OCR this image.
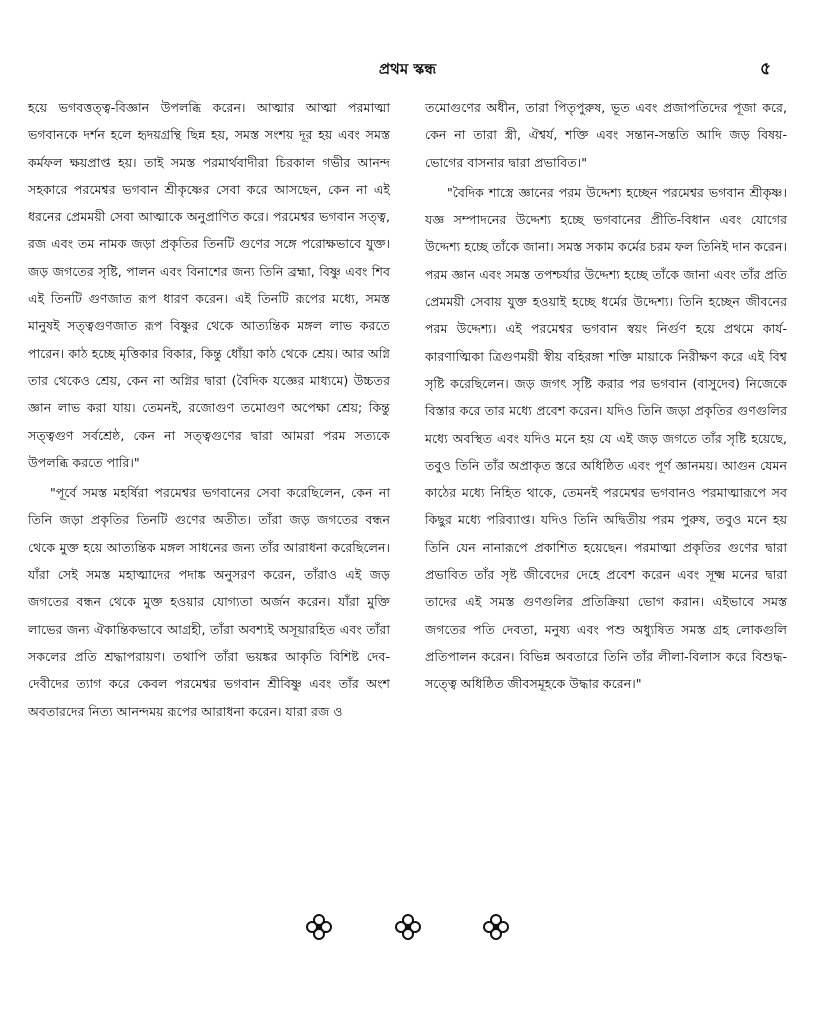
প্রথম স্কন্ধ	৫

হয়ে ভগবত্তত্ত্ব-বিজ্ঞান উপলব্ধি করেন। আত্মার আত্মা পরমাত্মা ভগবানকে দর্শন হলে হৃদয়গ্রন্থি ছিন্ন হয়, সমস্ত সংশয় দূর হয় এবং সমস্ত কর্মফল ক্ষয়প্রাপ্ত হয়। তাই সমস্ত পরমার্থবাদীরা চিরকাল গভীর আনন্দ সহকারে পরমেশ্বর ভগবান শ্রীকৃষ্ণের সেবা করে আসছেন, কেন না এই ধরনের প্রেমময়ী সেবা আত্মাকে অনুপ্রাণিত করে। পরমেশ্বর ভগবান সত্ত্ব, রজ এবং তম নামক জড়া প্রকৃতির তিনটি গুণের সঙ্গে পরোক্ষভাবে যুক্ত। জড় জগতের সৃষ্টি, পালন এবং বিনাশের জন্য তিনি ব্রহ্মা, বিষ্ণু এবং শিব এই তিনটি গুণজাত রূপ ধারণ করেন। এই তিনটি রূপের মধ্যে, সমস্ত মানুষই সত্ত্বগুণজাত রূপ বিষ্ণুর থেকে আত্যন্তিক মঙ্গল লাভ করতে পারেন। কাঠ হচ্ছে মৃত্তিকার বিকার, কিন্তু ধোঁয়া কাঠ থেকে শ্রেয়। আর অগ্নি তার থেকেও শ্রেয়, কেন না অগ্নির দ্বারা (বৈদিক যজ্ঞের মাধ্যমে) উচ্চতর জ্ঞান লাভ করা যায়। তেমনই, রজোগুণ তমোগুণ অপেক্ষা শ্রেয়; কিন্তু সত্ত্বগুণ সর্বশ্রেষ্ঠ, কেন না সত্ত্বগুণের দ্বারা আমরা পরম সত্যকে উপলব্ধি করতে পারি।"

"পূর্বে সমস্ত মহর্ষিরা পরমেশ্বর ভগবানের সেবা করেছিলেন, কেন না তিনি জড়া প্রকৃতির তিনটি গুণের অতীত। তাঁরা জড় জগতের বন্ধন থেকে মুক্ত হয়ে আত্যন্তিক মঙ্গল সাধনের জন্য তাঁর আরাধনা করেছিলেন। যাঁরা সেই সমস্ত মহাত্মাদের পদাঙ্ক অনুসরণ করেন, তাঁরাও এই জড় জগতের বন্ধন থেকে মুক্ত হওয়ার যোগ্যতা অর্জন করেন। যাঁরা মুক্তি লাভের জন্য ঐকান্তিকভাবে আগ্রহী, তাঁরা অবশ্যই অসূয়ারহিত এবং তাঁরা সকলের প্রতি শ্রদ্ধাপরায়ণ। তথাপি তাঁরা ভয়ঙ্কর আকৃতি বিশিষ্ট দেব-দেবীদের ত্যাগ করে কেবল পরমেশ্বর ভগবান শ্রীবিষ্ণু এবং তাঁর অংশ অবতারদের নিত্য আনন্দময় রূপের আরাধনা করেন। যারা রজ ও

তমোগুণের অধীন, তারা পিতৃপুরুষ, ভূত এবং প্রজাপতিদের পূজা করে, কেন না তারা স্ত্রী, ঐশ্বর্য, শক্তি এবং সন্তান-সন্ততি আদি জড় বিষয়-ভোগের বাসনার দ্বারা প্রভাবিত।"

"বৈদিক শাস্ত্রে জ্ঞানের পরম উদ্দেশ্য হচ্ছেন পরমেশ্বর ভগবান শ্রীকৃষ্ণ। যজ্ঞ সম্পাদনের উদ্দেশ্য হচ্ছে ভগবানের প্রীতি-বিধান এবং যোগের উদ্দেশ্য হচ্ছে তাঁকে জানা। সমস্ত সকাম কর্মের চরম ফল তিনিই দান করেন। পরম জ্ঞান এবং সমস্ত তপশ্চর্যার উদ্দেশ্য হচ্ছে তাঁকে জানা এবং তাঁর প্রতি প্রেমময়ী সেবায় যুক্ত হওয়াই হচ্ছে ধর্মের উদ্দেশ্য। তিনি হচ্ছেন জীবনের পরম উদ্দেশ্য। এই পরমেশ্বর ভগবান স্বয়ং নির্গুণ হয়ে প্রথমে কার্য-কারণাত্মিকা ত্রিগুণময়ী স্বীয় বহিরঙ্গা শক্তি মায়াকে নিরীক্ষণ করে এই বিশ্ব সৃষ্টি করেছিলেন। জড় জগৎ সৃষ্টি করার পর ভগবান (বাসুদেব) নিজেকে বিস্তার করে তার মধ্যে প্রবেশ করেন। যদিও তিনি জড়া প্রকৃতির গুণগুলির মধ্যে অবস্থিত এবং যদিও মনে হয় যে এই জড় জগতে তাঁর সৃষ্টি হয়েছে, তবুও তিনি তাঁর অপ্রাকৃত স্তরে অধিষ্ঠিত এবং পূর্ণ জ্ঞানময়। আগুন যেমন কাঠের মধ্যে নিহিত থাকে, তেমনই পরমেশ্বর ভগবানও পরমাত্মারূপে সব কিছুর মধ্যে পরিব্যাপ্ত। যদিও তিনি অদ্বিতীয় পরম পুরুষ, তবুও মনে হয় তিনি যেন নানারূপে প্রকাশিত হয়েছেন। পরমাত্মা প্রকৃতির গুণের দ্বারা প্রভাবিত তাঁর সৃষ্ট জীবেদের দেহে প্রবেশ করেন এবং সূক্ষ্ম মনের দ্বারা তাদের এই সমস্ত গুণগুলির প্রতিক্রিয়া ভোগ করান। এইভাবে সমস্ত জগতের পতি দেবতা, মনুষ্য এবং পশু অধ্যুষিত সমস্ত গ্রহ লোকগুলি প্রতিপালন করেন। বিভিন্ন অবতারে তিনি তাঁর লীলা-বিলাস করে বিশুদ্ধ-সত্ত্বে অধিষ্ঠিত জীবসমূহকে উদ্ধার করেন।"
